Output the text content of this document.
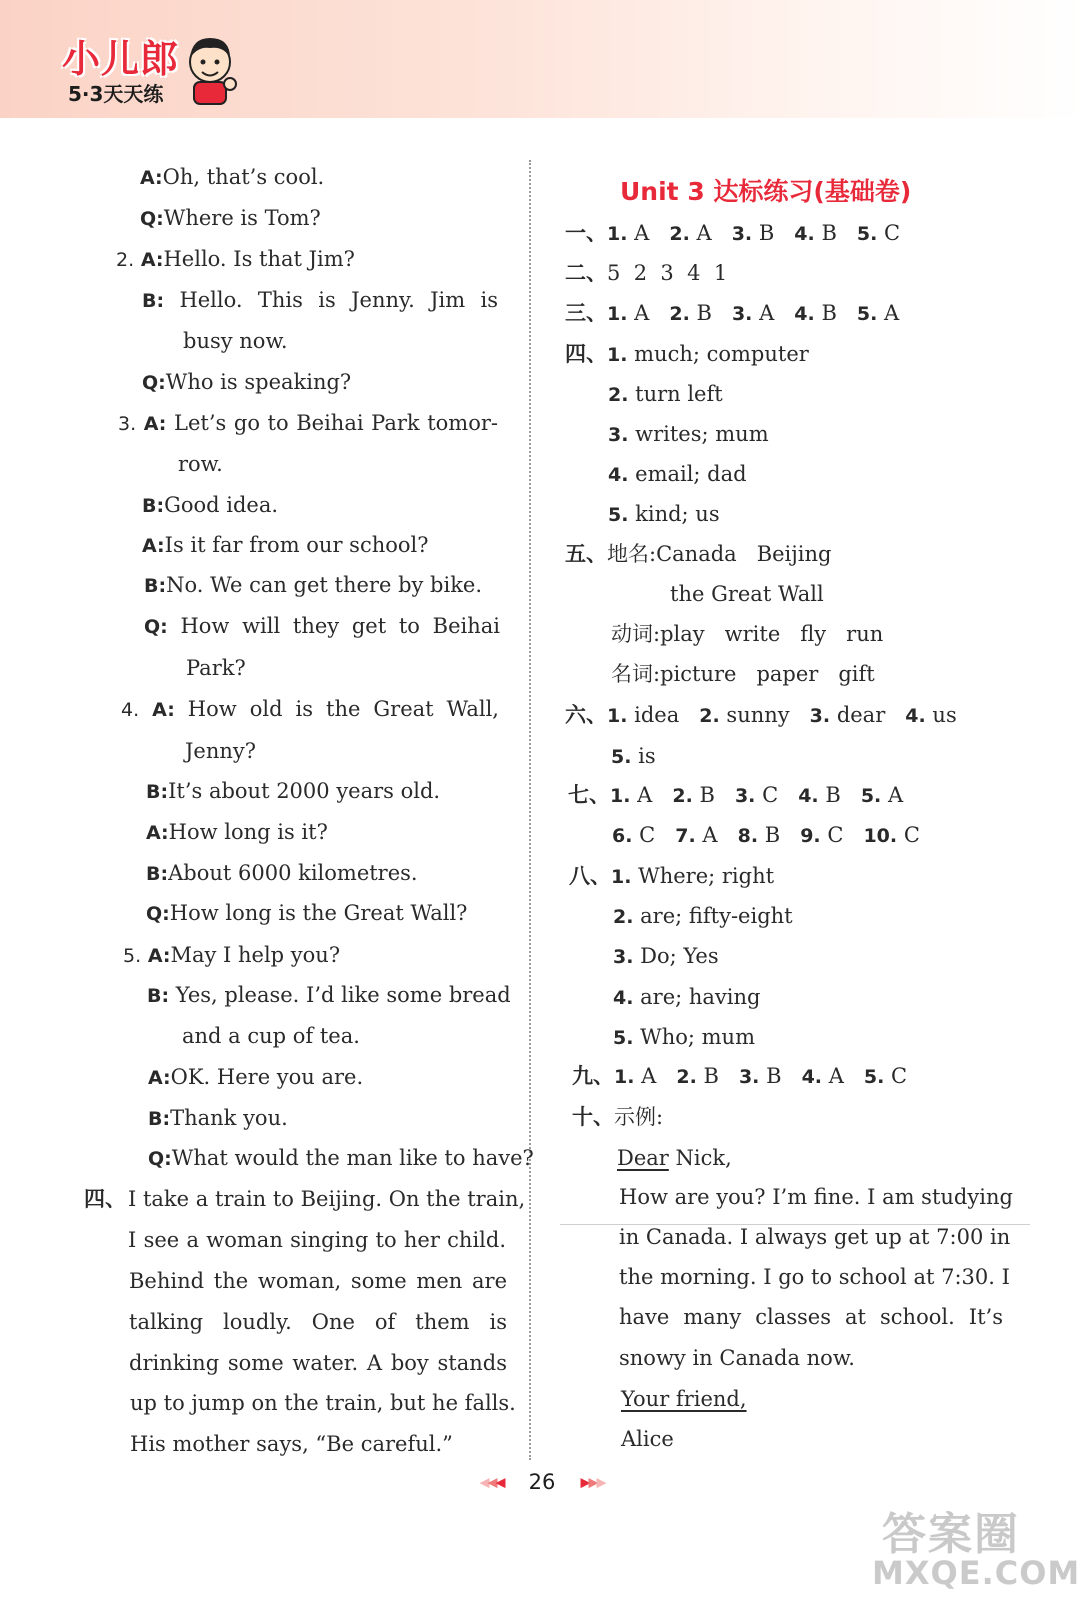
小儿郎
5·3天天练
A:Oh, that’s cool.
Q:Where is Tom?
2. A:Hello. Is that Jim?
B: Hello. This is Jenny. Jim is
busy now.
Q:Who is speaking?
3. A: Let’s go to Beihai Park tomor-
row.
B:Good idea.
A:Is it far from our school?
B:No. We can get there by bike.
Q: How will they get to Beihai
Park?
4. A: How old is the Great Wall,
Jenny?
B:It’s about 2000 years old.
A:How long is it?
B:About 6000 kilometres.
Q:How long is the Great Wall?
5. A:May I help you?
B: Yes, please. I’d like some bread
and a cup of tea.
A:OK. Here you are.
B:Thank you.
Q:What would the man like to have?
四、 I take a train to Beijing. On the train,
I see a woman singing to her child.
Behind the woman, some men are
talking loudly. One of them is
drinking some water. A boy stands
up to jump on the train, but he falls.
His mother says, “Be careful.”
Unit 3 达标练习(基础卷)
一、1. A 2. A 3. B 4. B 5. C
二、5  2  3  4  1
三、1. A 2. B 3. A 4. B 5. A
四、1. much; computer
2. turn left
3. writes; mum
4. email; dad
5. kind; us
五、地名:Canada   Beijing
the Great Wall
动词:play   write   fly   run
名词:picture   paper   gift
六、1. idea 2. sunny 3. dear 4. us
5. is
七、1. A 2. B 3. C 4. B 5. A
6. C 7. A 8. B 9. C 10. C
八、1. Where; right
2. are; fifty-eight
3. Do; Yes
4. are; having
5. Who; mum
九、1. A 2. B 3. B 4. A 5. C
十、示例:
Dear Nick,
How are you? I’m fine. I am studying
in Canada. I always get up at 7:00 in
the morning. I go to school at 7:30. I
have many classes at school. It’s
snowy in Canada now.
Your friend,
Alice
◀◀◀ 26 ▶▶▶
答案圈
MXQE.COM
